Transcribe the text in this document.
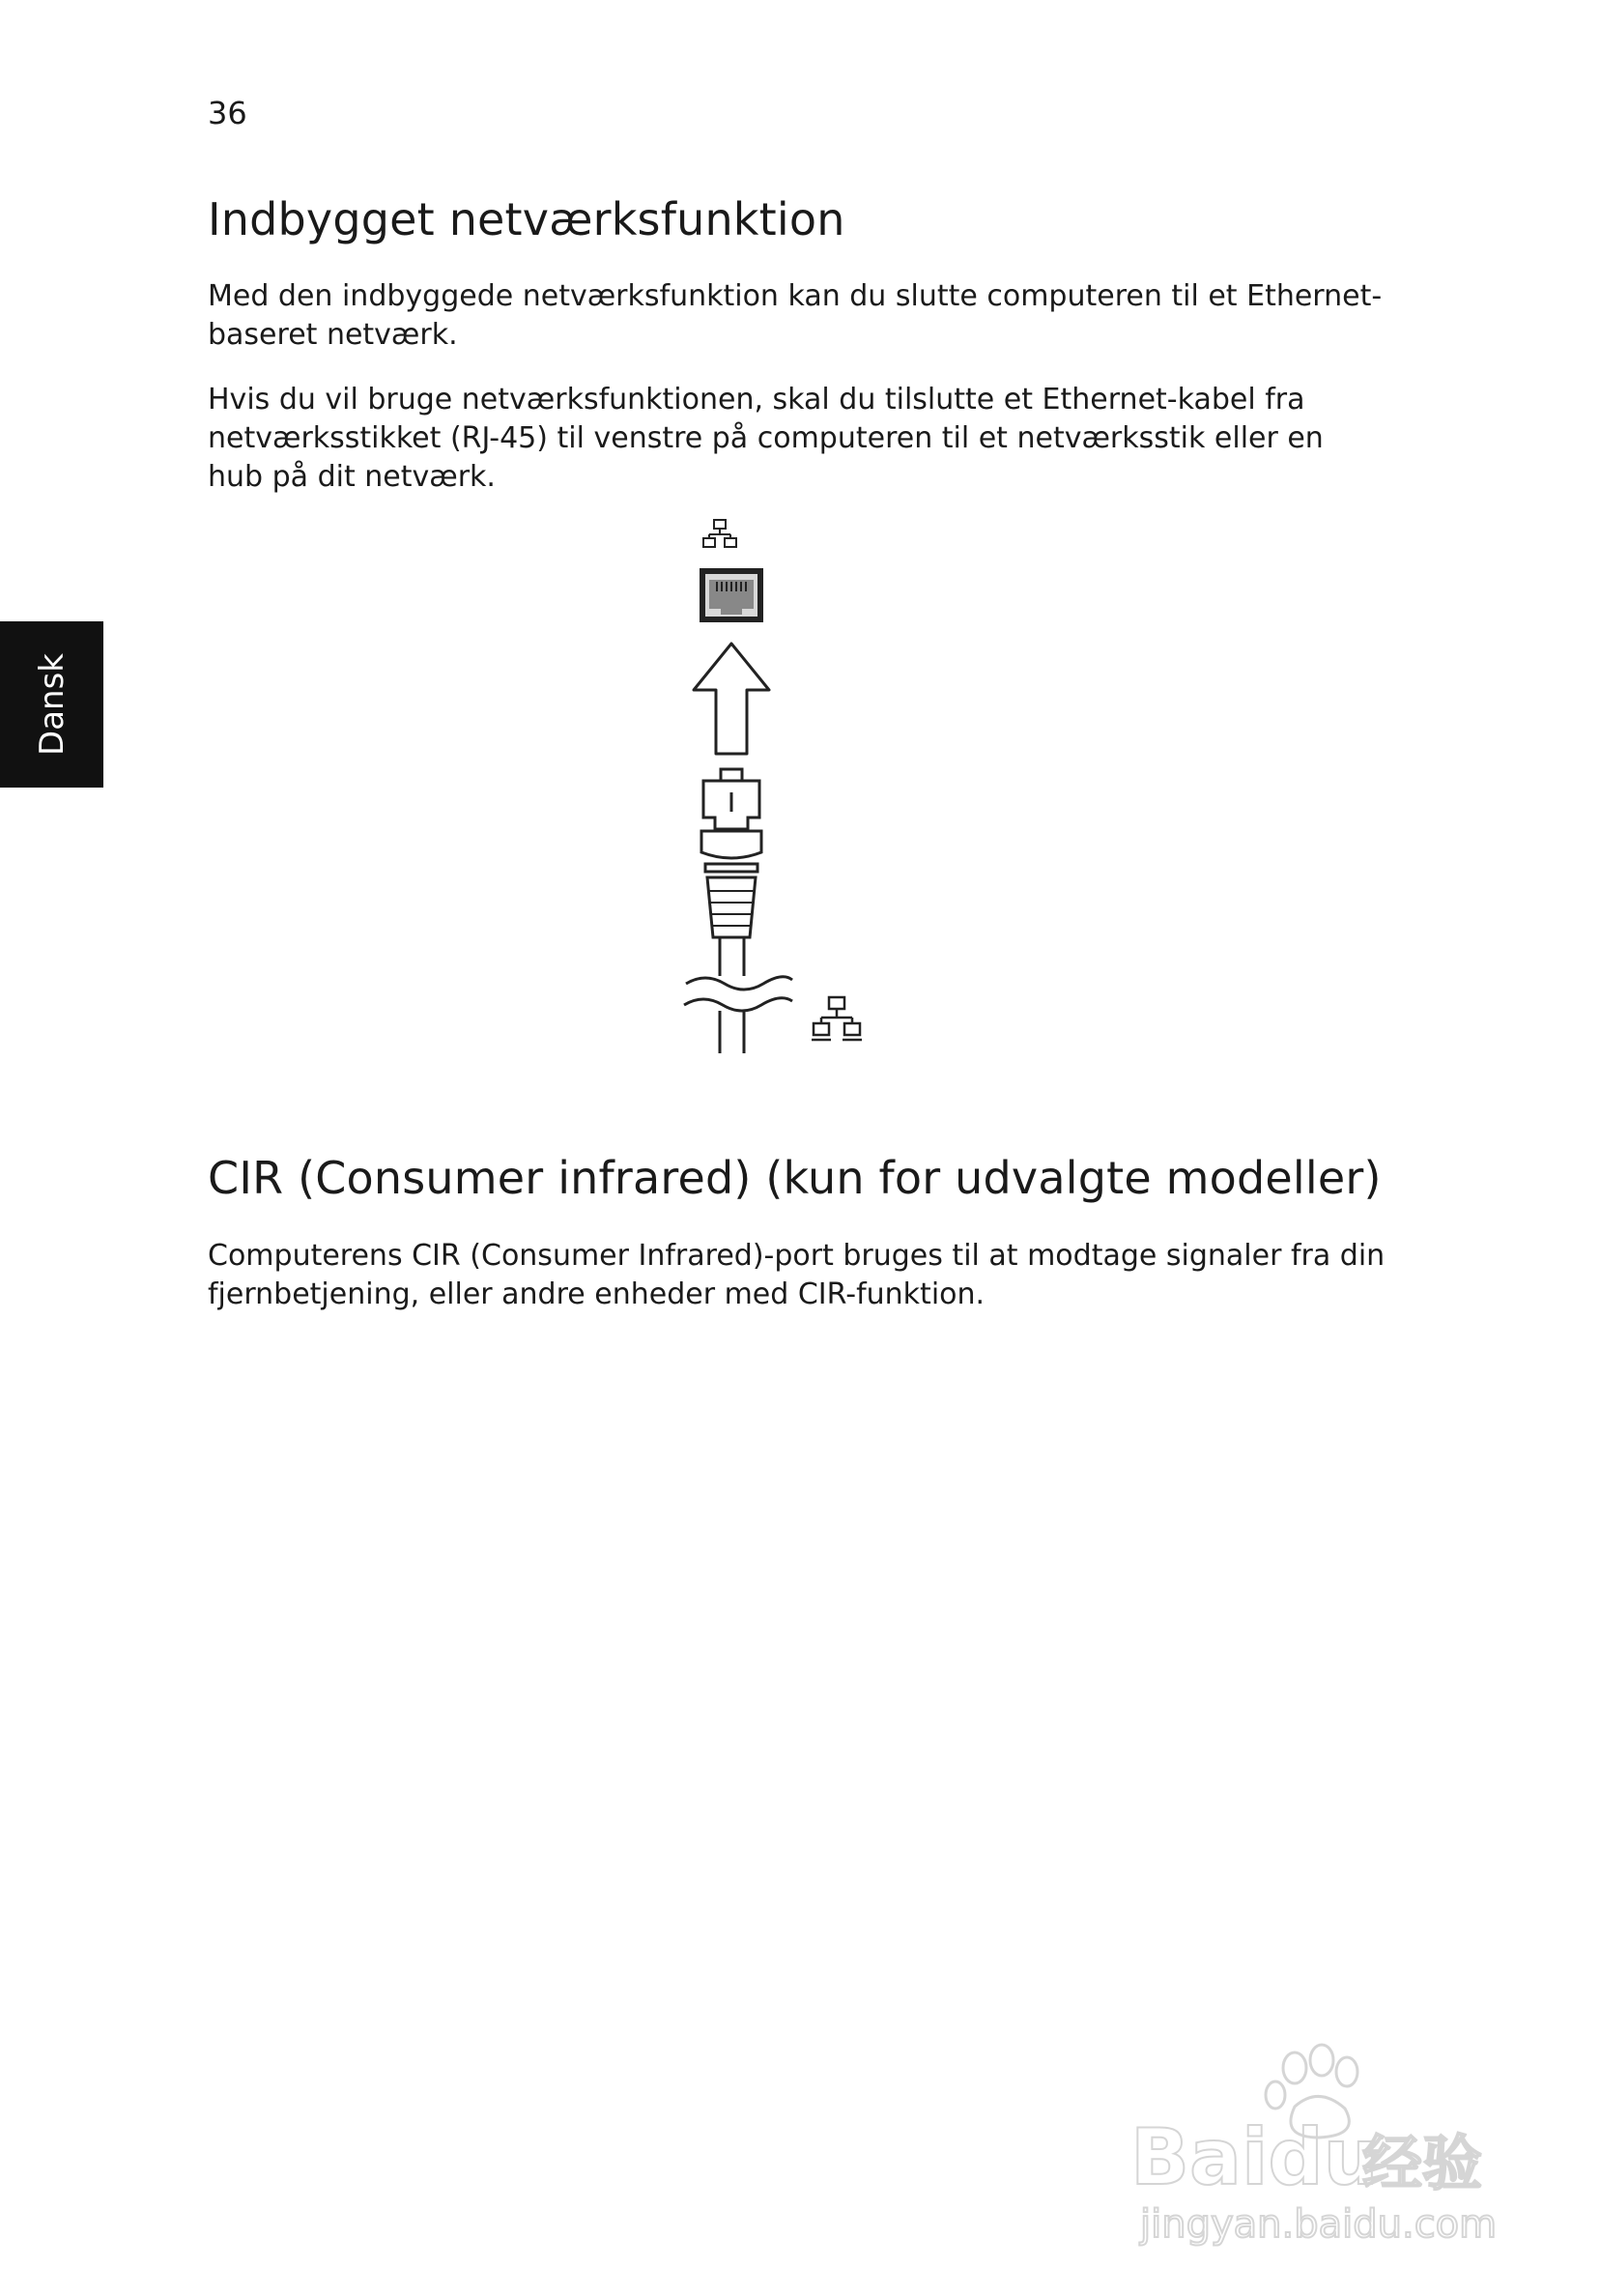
36
Dansk
Indbygget netværksfunktion

Med den indbyggede netværksfunktion kan du slutte computeren til et Ethernet-baseret netværk.

Hvis du vil bruge netværksfunktionen, skal du tilslutte et Ethernet-kabel fra netværksstikket (RJ-45) til venstre på computeren til et netværksstik eller en hub på dit netværk.

CIR (Consumer infrared) (kun for udvalgte modeller)

Computerens CIR (Consumer Infrared)-port bruges til at modtage signaler fra din fjernbetjening, eller andre enheder med CIR-funktion.

Baidu
经验
jingyan.baidu.com
